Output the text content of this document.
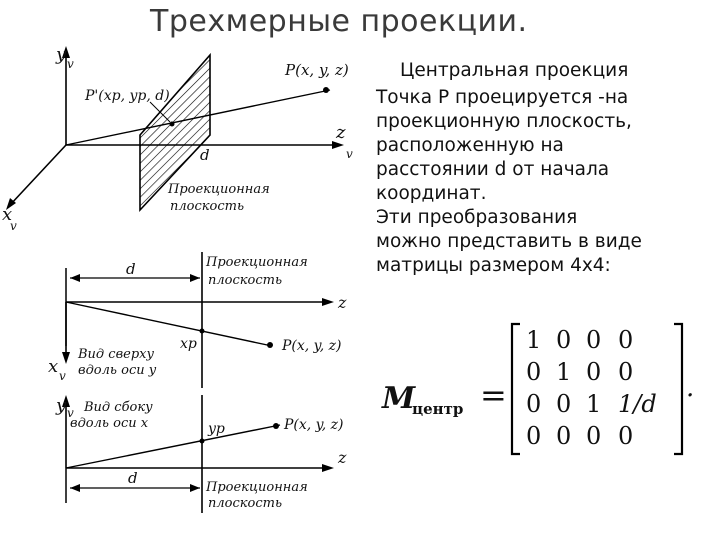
Трехмерные проекции.
y v
z
v
x
v
P(x, y, z)
P'(xp, yp, d)
d
Проекционная
плоскость
d	Проекционная
плоскость
z
xp	P(x, y, z)
x v
Вид сверху
вдоль оси y
y v Вид сбоку
вдоль оси x	yp	P(x, y, z)
z
d
Проекционная
плоскость
Центральная проекция
Точка P проецируется -на
проекционную плоскость,
расположенную на
расстоянии d от начала
координат.
Эти преобразования
можно представить в виде
матрицы размером 4х4:
M
центр =	.
1 0 0 0
0 1 0 0
0 0 1 1/d
0 0 0 0
